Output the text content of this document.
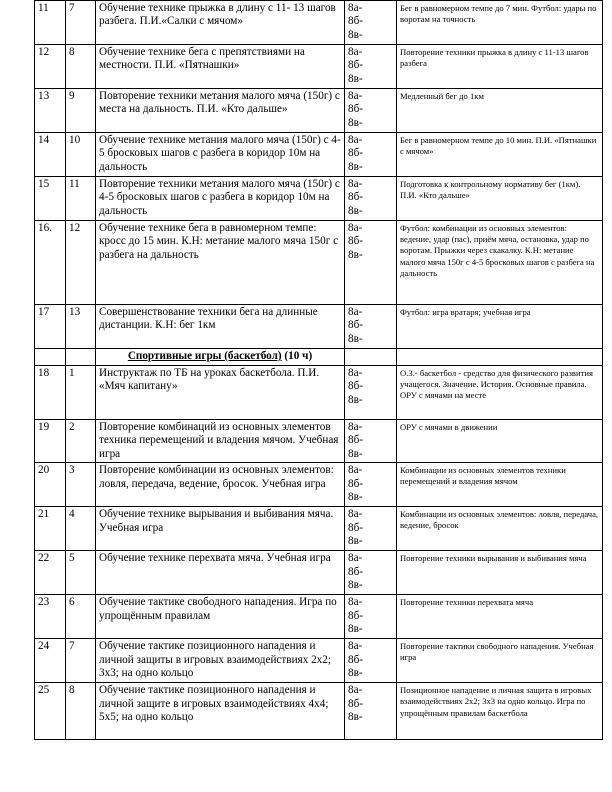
11	7	Обучение технике прыжка в длину с 11- 13 шагов разбега. П.И.«Салки с мячом»	8а-
8б-
8в-	Бег в равномерном темпе до 7 мин. Футбол: удары по воротам на точность
12	8	Обучение технике бега с препятствиями на местности. П.И. «Пятнашки»	8а-
8б-
8в-	Повторение техники прыжка в длину с 11-13 шагов разбега
13	9	Повторение техники метания малого мяча (150г) с места на дальность. П.И. «Кто дальше»	8а-
8б-
8в-	Медленный бег до 1км
14	10	Обучение технике метания малого мяча (150г) с 4-5 бросковых шагов с разбега в коридор 10м на дальность	8а-
8б-
8в-	Бег в равномерном темпе до 10 мин. П.И. «Пятнашки с мячом»
15	11	Повторение техники метания малого мяча (150г) с 4-5 бросковых шагов с разбега в коридор 10м на дальность	8а-
8б-
8в-	Подготовка к контрольному нормативу бег (1км). П.И. «Кто дальше»
16.	12	Обучение технике бега в равномерном темпе: кросс до 15 мин. К.Н: метание малого мяча 150г с разбега на дальность	8а-
8б-
8в-	Футбол: комбинации из основных элементов: ведение, удар (пас), приём мяча, остановка, удар по воротам. Прыжки через скакалку. К.Н: метание малого мяча 150г с 4-5 бросковых шагов с разбега на дальность
17	13	Совершенствование техники бега на длинные дистанции. К.Н: бег 1км	8а-
8б-
8в-	Футбол: игра вратаря; учебная игра
		Спортивные игры (баскетбол) (10 ч)		
18	1	Инструктаж по ТБ на уроках баскетбола. П.И. «Мяч капитану»	8а-
8б-
8в-	О.З.- баскетбол - средство для физического развития учащегося. Значение. История. Основные правила. ОРУ с мячами на месте
19	2	Повторение комбинаций из основных элементов техника перемещений и владения мячом. Учебная игра	8а-
8б-
8в-	ОРУ с мячами в движении
20	3	Повторение комбинации из основных элементов: ловля, передача, ведение, бросок. Учебная игра	8а-
8б-
8в-	Комбинации из основных элементов техники перемещений и владения мячом
21	4	Обучение технике вырывания и выбивания мяча. Учебная игра	8а-
8б-
8в-	Комбинации из основных элементов: ловля, передача, ведение, бросок
22	5	Обучение технике перехвата мяча. Учебная игра	8а-
8б-
8в-	Повторение техники вырывания и выбивания мяча
23	6	Обучение тактике свободного нападения. Игра по упрощённым правилам	8а-
8б-
8в-	Повторение техники перехвата мяча
24	7	Обучение тактике позиционного нападения и личной защиты в игровых взаимодействиях 2х2; 3х3; на одно кольцо	8а-
8б-
8в-	Повторение тактики свободного нападения. Учебная игра
25	8	Обучение тактике позиционного нападения и личной защите в игровых взаимодействиях 4х4; 5х5; на одно кольцо	8а-
8б-
8в-	Позиционное нападение и личная защита в игровых взаимодействиях 2х2; 3х3 на одно кольцо. Игра по упрощённым правилам баскетбола
